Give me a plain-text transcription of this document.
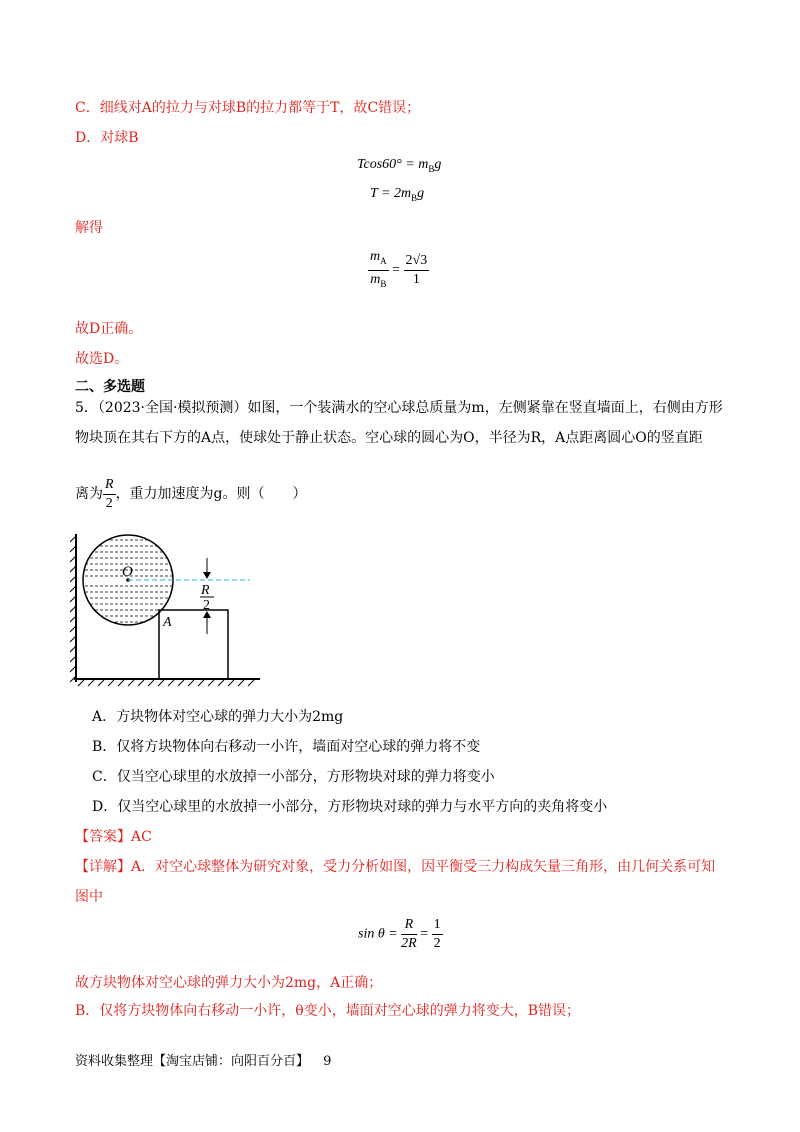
C．细线对A的拉力与对球B的拉力都等于T，故C错误；
D．对球B
$Tcos60^\circ = m_Bg$
$T = 2m_Bg$
解得
$\frac{m_A}{m_B} = \frac{2√3}{1}$
故D正确。
故选D。
二、多选题
5．（2023·全国·模拟预测）如图，一个装满水的空心球总质量为m，左侧紧靠在竖直墙面上，右侧由方形
物块顶在其右下方的A点，使球处于静止状态。空心球的圆心为O，半径为R，A点距离圆心O的竖直距
离为 $\frac{R}{2}$ ，重力加速度为g。则（　　）
O
A
R
2
A．方块物体对空心球的弹力大小为2mg
B．仅将方块物体向右移动一小许，墙面对空心球的弹力将不变
C．仅当空心球里的水放掉一小部分，方形物块对球的弹力将变小
D．仅当空心球里的水放掉一小部分，方形物块对球的弹力与水平方向的夹角将变小
【答案】AC
【详解】A．对空心球整体为研究对象，受力分析如图，因平衡受三力构成矢量三角形，由几何关系可知
图中
$\sin \theta = \frac{R}{2R} = \frac{1}{2}$
故方块物体对空心球的弹力大小为2mg，A正确；
B．仅将方块物体向右移动一小许，θ变小，墙面对空心球的弹力将变大，B错误；
资料收集整理【淘宝店铺：向阳百分百】 9
